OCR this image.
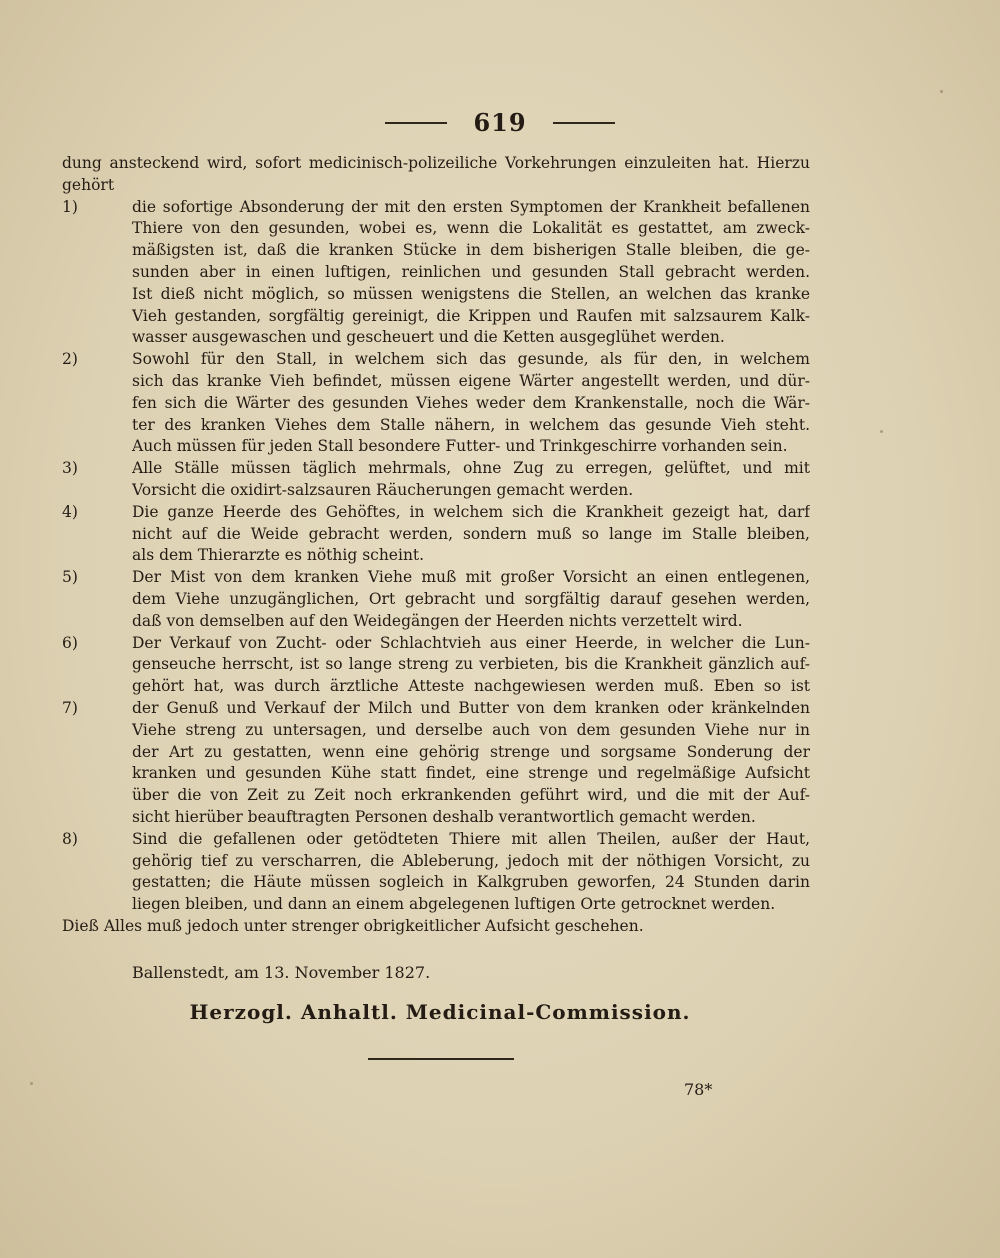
619
dung ansteckend wird, sofort medicinisch-polizeiliche Vorkehrungen einzuleiten hat. Hierzu
gehört
1)	die sofortige Absonderung der mit den ersten Symptomen der Krankheit befallenen
Thiere von den gesunden, wobei es, wenn die Lokalität es gestattet, am zweck-
mäßigsten ist, daß die kranken Stücke in dem bisherigen Stalle bleiben, die ge-
sunden aber in einen luftigen, reinlichen und gesunden Stall gebracht werden.
Ist dieß nicht möglich, so müssen wenigstens die Stellen, an welchen das kranke
Vieh gestanden, sorgfältig gereinigt, die Krippen und Raufen mit salzsaurem Kalk-
wasser ausgewaschen und gescheuert und die Ketten ausgeglühet werden.
2)	Sowohl für den Stall, in welchem sich das gesunde, als für den, in welchem
sich das kranke Vieh befindet, müssen eigene Wärter angestellt werden, und dür-
fen sich die Wärter des gesunden Viehes weder dem Krankenstalle, noch die Wär-
ter des kranken Viehes dem Stalle nähern, in welchem das gesunde Vieh steht.
Auch müssen für jeden Stall besondere Futter- und Trinkgeschirre vorhanden sein.
3)	Alle Ställe müssen täglich mehrmals, ohne Zug zu erregen, gelüftet, und mit
Vorsicht die oxidirt-salzsauren Räucherungen gemacht werden.
4)	Die ganze Heerde des Gehöftes, in welchem sich die Krankheit gezeigt hat, darf
nicht auf die Weide gebracht werden, sondern muß so lange im Stalle bleiben,
als dem Thierarzte es nöthig scheint.
5)	Der Mist von dem kranken Viehe muß mit großer Vorsicht an einen entlegenen,
dem Viehe unzugänglichen, Ort gebracht und sorgfältig darauf gesehen werden,
daß von demselben auf den Weidegängen der Heerden nichts verzettelt wird.
6)	Der Verkauf von Zucht- oder Schlachtvieh aus einer Heerde, in welcher die Lun-
genseuche herrscht, ist so lange streng zu verbieten, bis die Krankheit gänzlich auf-
gehört hat, was durch ärztliche Atteste nachgewiesen werden muß. Eben so ist
7)	der Genuß und Verkauf der Milch und Butter von dem kranken oder kränkelnden
Viehe streng zu untersagen, und derselbe auch von dem gesunden Viehe nur in
der Art zu gestatten, wenn eine gehörig strenge und sorgsame Sonderung der
kranken und gesunden Kühe statt findet, eine strenge und regelmäßige Aufsicht
über die von Zeit zu Zeit noch erkrankenden geführt wird, und die mit der Auf-
sicht hierüber beauftragten Personen deshalb verantwortlich gemacht werden.
8)	Sind die gefallenen oder getödteten Thiere mit allen Theilen, außer der Haut,
gehörig tief zu verscharren, die Ableberung, jedoch mit der nöthigen Vorsicht, zu
gestatten; die Häute müssen sogleich in Kalkgruben geworfen, 24 Stunden darin
liegen bleiben, und dann an einem abgelegenen luftigen Orte getrocknet werden.
Dieß Alles muß jedoch unter strenger obrigkeitlicher Aufsicht geschehen.
Ballenstedt, am 13. November 1827.
Herzogl. Anhaltl. Medicinal-Commission.
78*
